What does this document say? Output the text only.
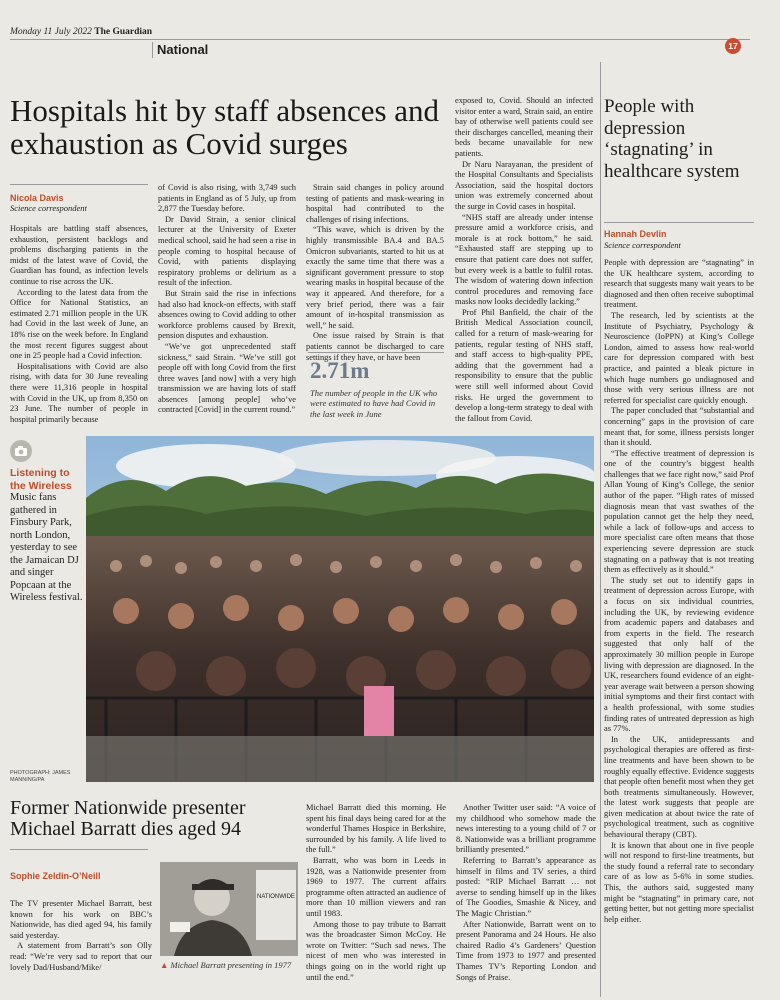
Monday 11 July 2022 The Guardian
National	17
Hospitals hit by staff absences and exhaustion as Covid surges
Nicola Davis
Science correspondent

Hospitals are battling staff absences, exhaustion, persistent backlogs and problems discharging patients in the midst of the latest wave of Covid, the Guardian has found, as infection levels continue to rise across the UK.

According to the latest data from the Office for National Statistics, an estimated 2.71 million people in the UK had Covid in the last week of June, an 18% rise on the week before. In England the most recent figures suggest about one in 25 people had a Covid infection.

Hospitalisations with Covid are also rising, with data for 30 June revealing there were 11,316 people in hospital with Covid in the UK, up from 8,350 on 23 June. The number of people in hospital primarily because

of Covid is also rising, with 3,749 such patients in England as of 5 July, up from 2,877 the Tuesday before.

Dr David Strain, a senior clinical lecturer at the University of Exeter medical school, said he had seen a rise in people coming to hospital because of Covid, with patients displaying respiratory problems or delirium as a result of the infection.

But Strain said the rise in infections had also had knock-on effects, with staff absences owing to Covid adding to other workforce problems caused by Brexit, pension disputes and exhaustion.

“We’ve got unprecedented staff sickness,” said Strain. “We’ve still got people off with long Covid from the first three waves [and now] with a very high transmission we are having lots of staff absences [among people] who’ve contracted [Covid] in the current round.”

Strain said changes in policy around testing of patients and mask-wearing in hospital had contributed to the challenges of rising infections.

“This wave, which is driven by the highly transmissible BA.4 and BA.5 Omicron subvariants, started to hit us at exactly the same time that there was a significant government pressure to stop wearing masks in hospital because of the way it appeared. And therefore, for a very brief period, there was a fair amount of in-hospital transmission as well,” he said.

One issue raised by Strain is that patients cannot be discharged to care settings if they have, or have been

2.71m
The number of people in the UK who were estimated to have had Covid in the last week in June

exposed to, Covid. Should an infected visitor enter a ward, Strain said, an entire bay of otherwise well patients could see their discharges cancelled, meaning their beds became unavailable for new patients.

Dr Naru Narayanan, the president of the Hospital Consultants and Specialists Association, said the hospital doctors union was extremely concerned about the surge in Covid cases in hospital.

“NHS staff are already under intense pressure amid a workforce crisis, and morale is at rock bottom,” he said. “Exhausted staff are stepping up to ensure that patient care does not suffer, but every week is a battle to fulfil rotas. The wisdom of watering down infection control procedures and removing face masks now looks decidedly lacking.”

Prof Phil Banfield, the chair of the British Medical Association council, called for a return of mask-wearing for patients, regular testing of NHS staff, and staff access to high-quality PPE, adding that the government had a responsibility to ensure that the public were still well informed about Covid risks. He urged the government to develop a long-term strategy to deal with the fallout from Covid.

People with depression ‘stagnating’ in healthcare system
Hannah Devlin
Science correspondent

People with depression are “stagnating” in the UK healthcare system, according to research that suggests many wait years to be diagnosed and then often receive suboptimal treatment.

The research, led by scientists at the Institute of Psychiatry, Psychology & Neuroscience (IoPPN) at King’s College London, aimed to assess how real-world care for depression compared with best practice, and painted a bleak picture in which huge numbers go undiagnosed and those with very serious illness are not referred for specialist care quickly enough.

The paper concluded that “substantial and concerning” gaps in the provision of care meant that, for some, illness persists longer than it should.

“The effective treatment of depression is one of the country’s biggest health challenges that we face right now,” said Prof Allan Young of King’s College, the senior author of the paper. “High rates of missed diagnosis mean that vast swathes of the population cannot get the help they need, while a lack of follow-ups and access to more specialist care often means that those experiencing severe depression are stuck stagnating on a pathway that is not treating them as effectively as it should.”

The study set out to identify gaps in treatment of depression across Europe, with a focus on six individual countries, including the UK, by reviewing evidence from academic papers and databases and from experts in the field. The research suggested that only half of the approximately 30 million people in Europe living with depression are diagnosed. In the UK, researchers found evidence of an eight-year average wait between a person showing initial symptoms and their first contact with a health professional, with some studies finding rates of untreated depression as high as 77%.

In the UK, antidepressants and psychological therapies are offered as first-line treatments and have been shown to be roughly equally effective. Evidence suggests that people often benefit most when they get both treatments simultaneously. However, the latest work suggests that people are given medication at about twice the rate of psychological treatment, such as cognitive behavioural therapy (CBT).

It is known that about one in five people will not respond to first-line treatments, but the study found a referral rate to secondary care of as low as 5-6% in some studies. This, the authors said, suggested many might be “stagnating” in primary care, not getting better, but not getting more specialist help either.

Listening to the Wireless
Music fans gathered in Finsbury Park, north London, yesterday to see the Jamaican DJ and singer Popcaan at the Wireless festival.
PHOTOGRAPH: JAMES MANNING/PA
Former Nationwide presenter Michael Barratt dies aged 94
Sophie Zeldin-O’Neill

The TV presenter Michael Barratt, best known for his work on BBC’s Nationwide, has died aged 94, his family said yesterday.

A statement from Barratt’s son Olly read: “We’re very sad to report that our lovely Dad/Husband/Mike/

NATIONWIDE
▲ Michael Barratt presenting in 1977

Michael Barratt died this morning. He spent his final days being cared for at the wonderful Thames Hospice in Berkshire, surrounded by his family. A life lived to the full.”

Barratt, who was born in Leeds in 1928, was a Nationwide presenter from 1969 to 1977. The current affairs programme often attracted an audience of more than 10 million viewers and ran until 1983.

Among those to pay tribute to Barratt was the broadcaster Simon McCoy. He wrote on Twitter: “Such sad news. The nicest of men who was interested in things going on in the world right up until the end.”

Another Twitter user said: “A voice of my childhood who somehow made the news interesting to a young child of 7 or 8. Nationwide was a brilliant programme brilliantly presented.”

Referring to Barratt’s appearance as himself in films and TV series, a third posted: “RIP Michael Barratt … not averse to sending himself up in the likes of The Goodies, Smashie & Nicey, and The Magic Christian.”

After Nationwide, Barratt went on to present Panorama and 24 Hours. He also chaired Radio 4’s Gardeners’ Question Time from 1973 to 1977 and presented Thames TV’s Reporting London and Songs of Praise.
